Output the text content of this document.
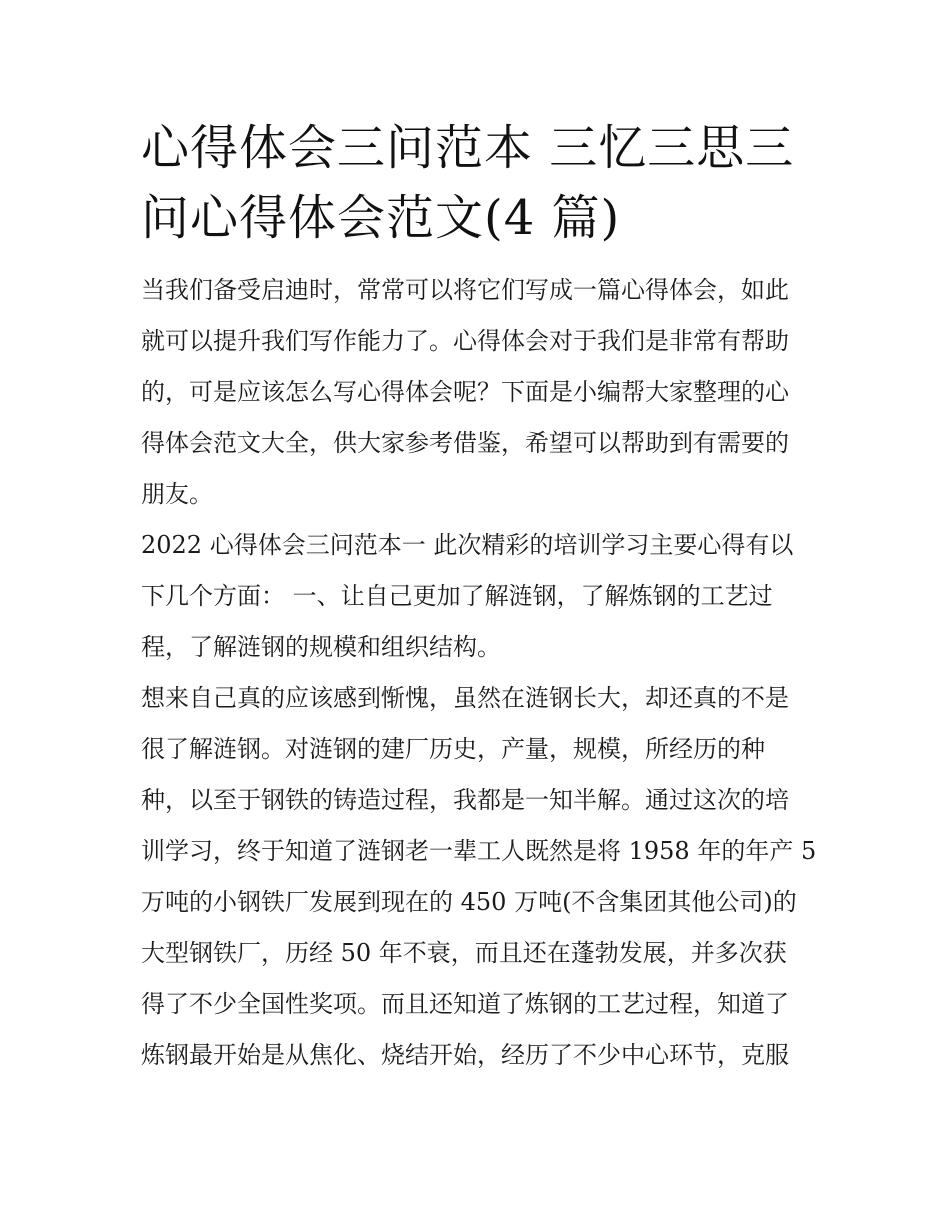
心得体会三问范本 三忆三思三
问心得体会范文(4 篇)

当我们备受启迪时，常常可以将它们写成一篇心得体会，如此
就可以提升我们写作能力了。心得体会对于我们是非常有帮助
的，可是应该怎么写心得体会呢？下面是小编帮大家整理的心
得体会范文大全，供大家参考借鉴，希望可以帮助到有需要的
朋友。

2022 心得体会三问范本一 此次精彩的培训学习主要心得有以
下几个方面： 一、让自己更加了解涟钢，了解炼钢的工艺过
程，了解涟钢的规模和组织结构。

想来自己真的应该感到惭愧，虽然在涟钢长大，却还真的不是
很了解涟钢。对涟钢的建厂历史，产量，规模，所经历的种
种，以至于钢铁的铸造过程，我都是一知半解。通过这次的培
训学习，终于知道了涟钢老一辈工人既然是将 1958 年的年产 5
万吨的小钢铁厂发展到现在的 450 万吨(不含集团其他公司)的
大型钢铁厂，历经 50 年不衰，而且还在蓬勃发展，并多次获
得了不少全国性奖项。而且还知道了炼钢的工艺过程，知道了
炼钢最开始是从焦化、烧结开始，经历了不少中心环节，克服
